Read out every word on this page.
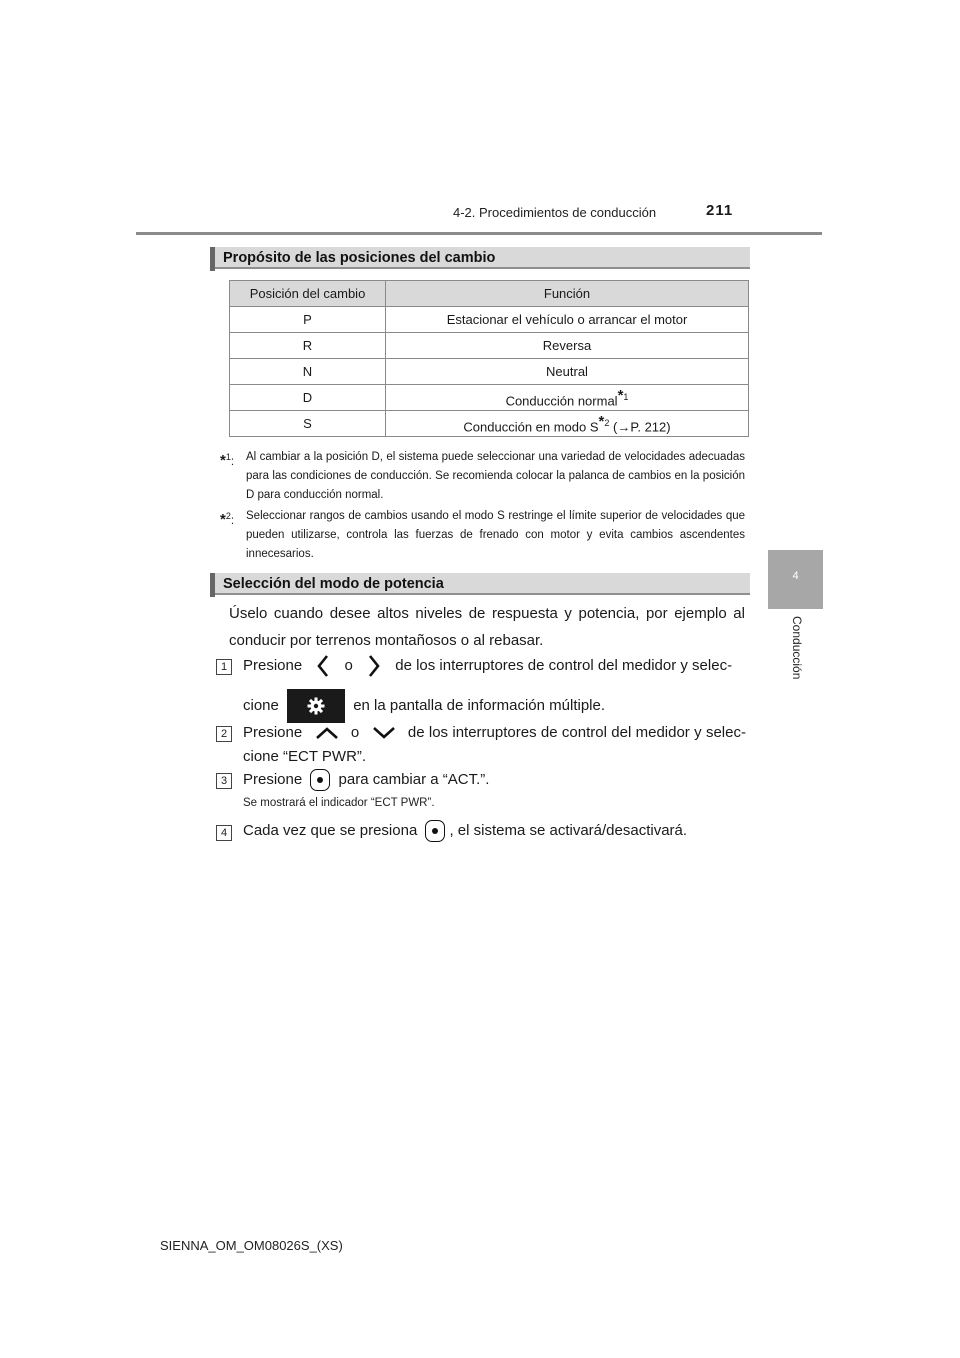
4-2. Procedimientos de conducción	211
4
Conducción
Propósito de las posiciones del cambio
Posición del cambio	Función
P	Estacionar el vehículo o arrancar el motor
R	Reversa
N	Neutral
D	Conducción normal$^{*1}$
S	Conducción en modo $S^{*2}$ (→P. 212)
*$^1$: Al cambiar a la posición D, el sistema puede seleccionar una variedad de velocidades adecuadas para las condiciones de conducción. Se recomienda colocar la palanca de cambios en la posición D para conducción normal.
*$^2$: Seleccionar rangos de cambios usando el modo S restringe el límite superior de velocidades que pueden utilizarse, controla las fuerzas de frenado con motor y evita cambios ascendentes innecesarios.
Selección del modo de potencia
Úselo cuando desee altos niveles de respuesta y potencia, por ejemplo al conducir por terrenos montañosos o al rebasar.
1	Presione	o	de los interruptores de control del medidor y selec-
cione	en la pantalla de información múltiple.
2	Presione	o	de los interruptores de control del medidor y selec-cione “ECT PWR”.
3	Presione para cambiar a “ACT.”.
Se mostrará el indicador “ECT PWR”.
4	Cada vez que se presiona , el sistema se activará/desactivará.
SIENNA_OM_OM08026S_(XS)
